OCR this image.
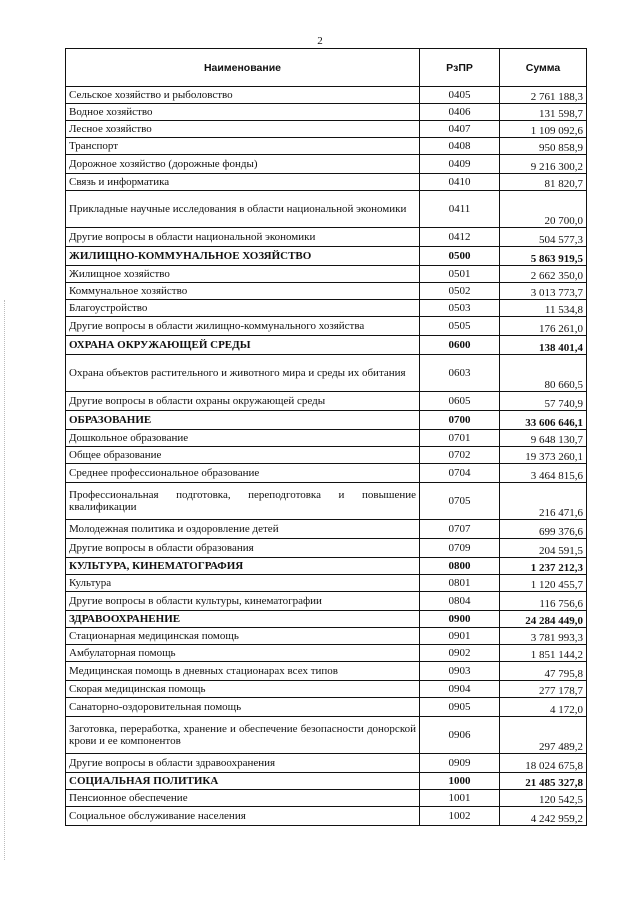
2
Наименование	РзПР	Сумма
Сельское хозяйство и рыболовство	0405	2 761 188,3
Водное хозяйство	0406	131 598,7
Лесное хозяйство	0407	1 109 092,6
Транспорт	0408	950 858,9
Дорожное хозяйство (дорожные фонды)	0409	9 216 300,2
Связь и информатика	0410	81 820,7
Прикладные научные исследования в области национальной экономики	0411	20 700,0
Другие вопросы в области национальной экономики	0412	504 577,3
ЖИЛИЩНО-КОММУНАЛЬНОЕ ХОЗЯЙСТВО	0500	5 863 919,5
Жилищное хозяйство	0501	2 662 350,0
Коммунальное хозяйство	0502	3 013 773,7
Благоустройство	0503	11 534,8
Другие вопросы в области жилищно-коммунального хозяйства	0505	176 261,0
ОХРАНА ОКРУЖАЮЩЕЙ СРЕДЫ	0600	138 401,4
Охрана объектов растительного и животного мира и среды их обитания	0603	80 660,5
Другие вопросы в области охраны окружающей среды	0605	57 740,9
ОБРАЗОВАНИЕ	0700	33 606 646,1
Дошкольное образование	0701	9 648 130,7
Общее образование	0702	19 373 260,1
Среднее профессиональное образование	0704	3 464 815,6
Профессиональная подготовка, переподготовка и повышение квалификации	0705	216 471,6
Молодежная политика и оздоровление детей	0707	699 376,6
Другие вопросы в области образования	0709	204 591,5
КУЛЬТУРА, КИНЕМАТОГРАФИЯ	0800	1 237 212,3
Культура	0801	1 120 455,7
Другие вопросы в области культуры, кинематографии	0804	116 756,6
ЗДРАВООХРАНЕНИЕ	0900	24 284 449,0
Стационарная медицинская помощь	0901	3 781 993,3
Амбулаторная помощь	0902	1 851 144,2
Медицинская помощь в дневных стационарах всех типов	0903	47 795,8
Скорая медицинская помощь	0904	277 178,7
Санаторно-оздоровительная помощь	0905	4 172,0
Заготовка, переработка, хранение и обеспечение безопасности донорской крови и ее компонентов	0906	297 489,2
Другие вопросы в области здравоохранения	0909	18 024 675,8
СОЦИАЛЬНАЯ ПОЛИТИКА	1000	21 485 327,8
Пенсионное обеспечение	1001	120 542,5
Социальное обслуживание населения	1002	4 242 959,2
